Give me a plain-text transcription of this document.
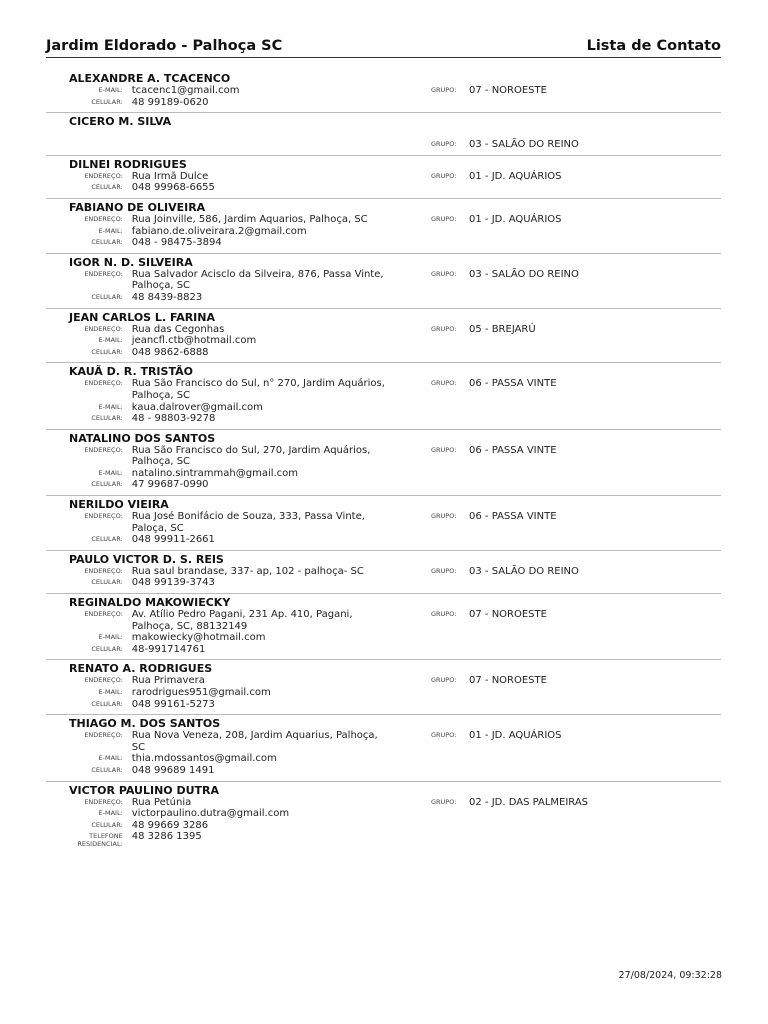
Jardim Eldorado - Palhoça SC	Lista de Contato
ALEXANDRE A. TCACENCO
E-MAIL: tcacenc1@gmail.com
CELULAR: 48 99189-0620
GRUPO:	07 - NOROESTE
CICERO M. SILVA
GRUPO:	03 - SALÃO DO REINO
DILNEI RODRIGUES
ENDEREÇO: Rua Irmã Dulce
CELULAR: 048 99968-6655
GRUPO:	01 - JD. AQUÁRIOS
FABIANO DE OLIVEIRA
ENDEREÇO: Rua Joinville, 586, Jardim Aquarios, Palhoça, SC
E-MAIL: fabiano.de.oliveirara.2@gmail.com
CELULAR: 048 - 98475-3894
GRUPO:	01 - JD. AQUÁRIOS
IGOR N. D. SILVEIRA
ENDEREÇO: Rua Salvador Acisclo da Silveira, 876, Passa Vinte, Palhoça, SC
CELULAR: 48 8439-8823
GRUPO:	03 - SALÃO DO REINO
JEAN CARLOS L. FARINA
ENDEREÇO: Rua das Cegonhas
E-MAIL: jeancfl.ctb@hotmail.com
CELULAR: 048 9862-6888
GRUPO:	05 - BREJARÚ
KAUÃ D. R. TRISTÃO
ENDEREÇO: Rua São Francisco do Sul, n° 270, Jardim Aquários, Palhoça, SC
E-MAIL: kaua.dalrover@gmail.com
CELULAR: 48 - 98803-9278
GRUPO:	06 - PASSA VINTE
NATALINO DOS SANTOS
ENDEREÇO: Rua São Francisco do Sul, 270, Jardim Aquários, Palhoça, SC
E-MAIL: natalino.sintrammah@gmail.com
CELULAR: 47 99687-0990
GRUPO:	06 - PASSA VINTE
NERILDO VIEIRA
ENDEREÇO: Rua José Bonifácio de Souza, 333, Passa Vinte, Paloça, SC
CELULAR: 048 99911-2661
GRUPO:	06 - PASSA VINTE
PAULO VICTOR D. S. REIS
ENDEREÇO: Rua saul brandase, 337- ap, 102 - palhoça- SC
CELULAR: 048 99139-3743
GRUPO:	03 - SALÃO DO REINO
REGINALDO MAKOWIECKY
ENDEREÇO: Av. Atílio Pedro Pagani, 231 Ap. 410, Pagani, Palhoça, SC, 88132149
E-MAIL: makowiecky@hotmail.com
CELULAR: 48-991714761
GRUPO:	07 - NOROESTE
RENATO A. RODRIGUES
ENDEREÇO: Rua Primavera
E-MAIL: rarodrigues951@gmail.com
CELULAR: 048 99161-5273
GRUPO:	07 - NOROESTE
THIAGO M. DOS SANTOS
ENDEREÇO: Rua Nova Veneza, 208, Jardim Aquarius, Palhoça, SC
E-MAIL: thia.mdossantos@gmail.com
CELULAR: 048 99689 1491
GRUPO:	01 - JD. AQUÁRIOS
VICTOR PAULINO DUTRA
ENDEREÇO: Rua Petúnia
E-MAIL: victorpaulino.dutra@gmail.com
CELULAR: 48 99669 3286
TELEFONE RESIDENCIAL:
48 3286 1395
GRUPO:	02 - JD. DAS PALMEIRAS
27/08/2024, 09:32:28
